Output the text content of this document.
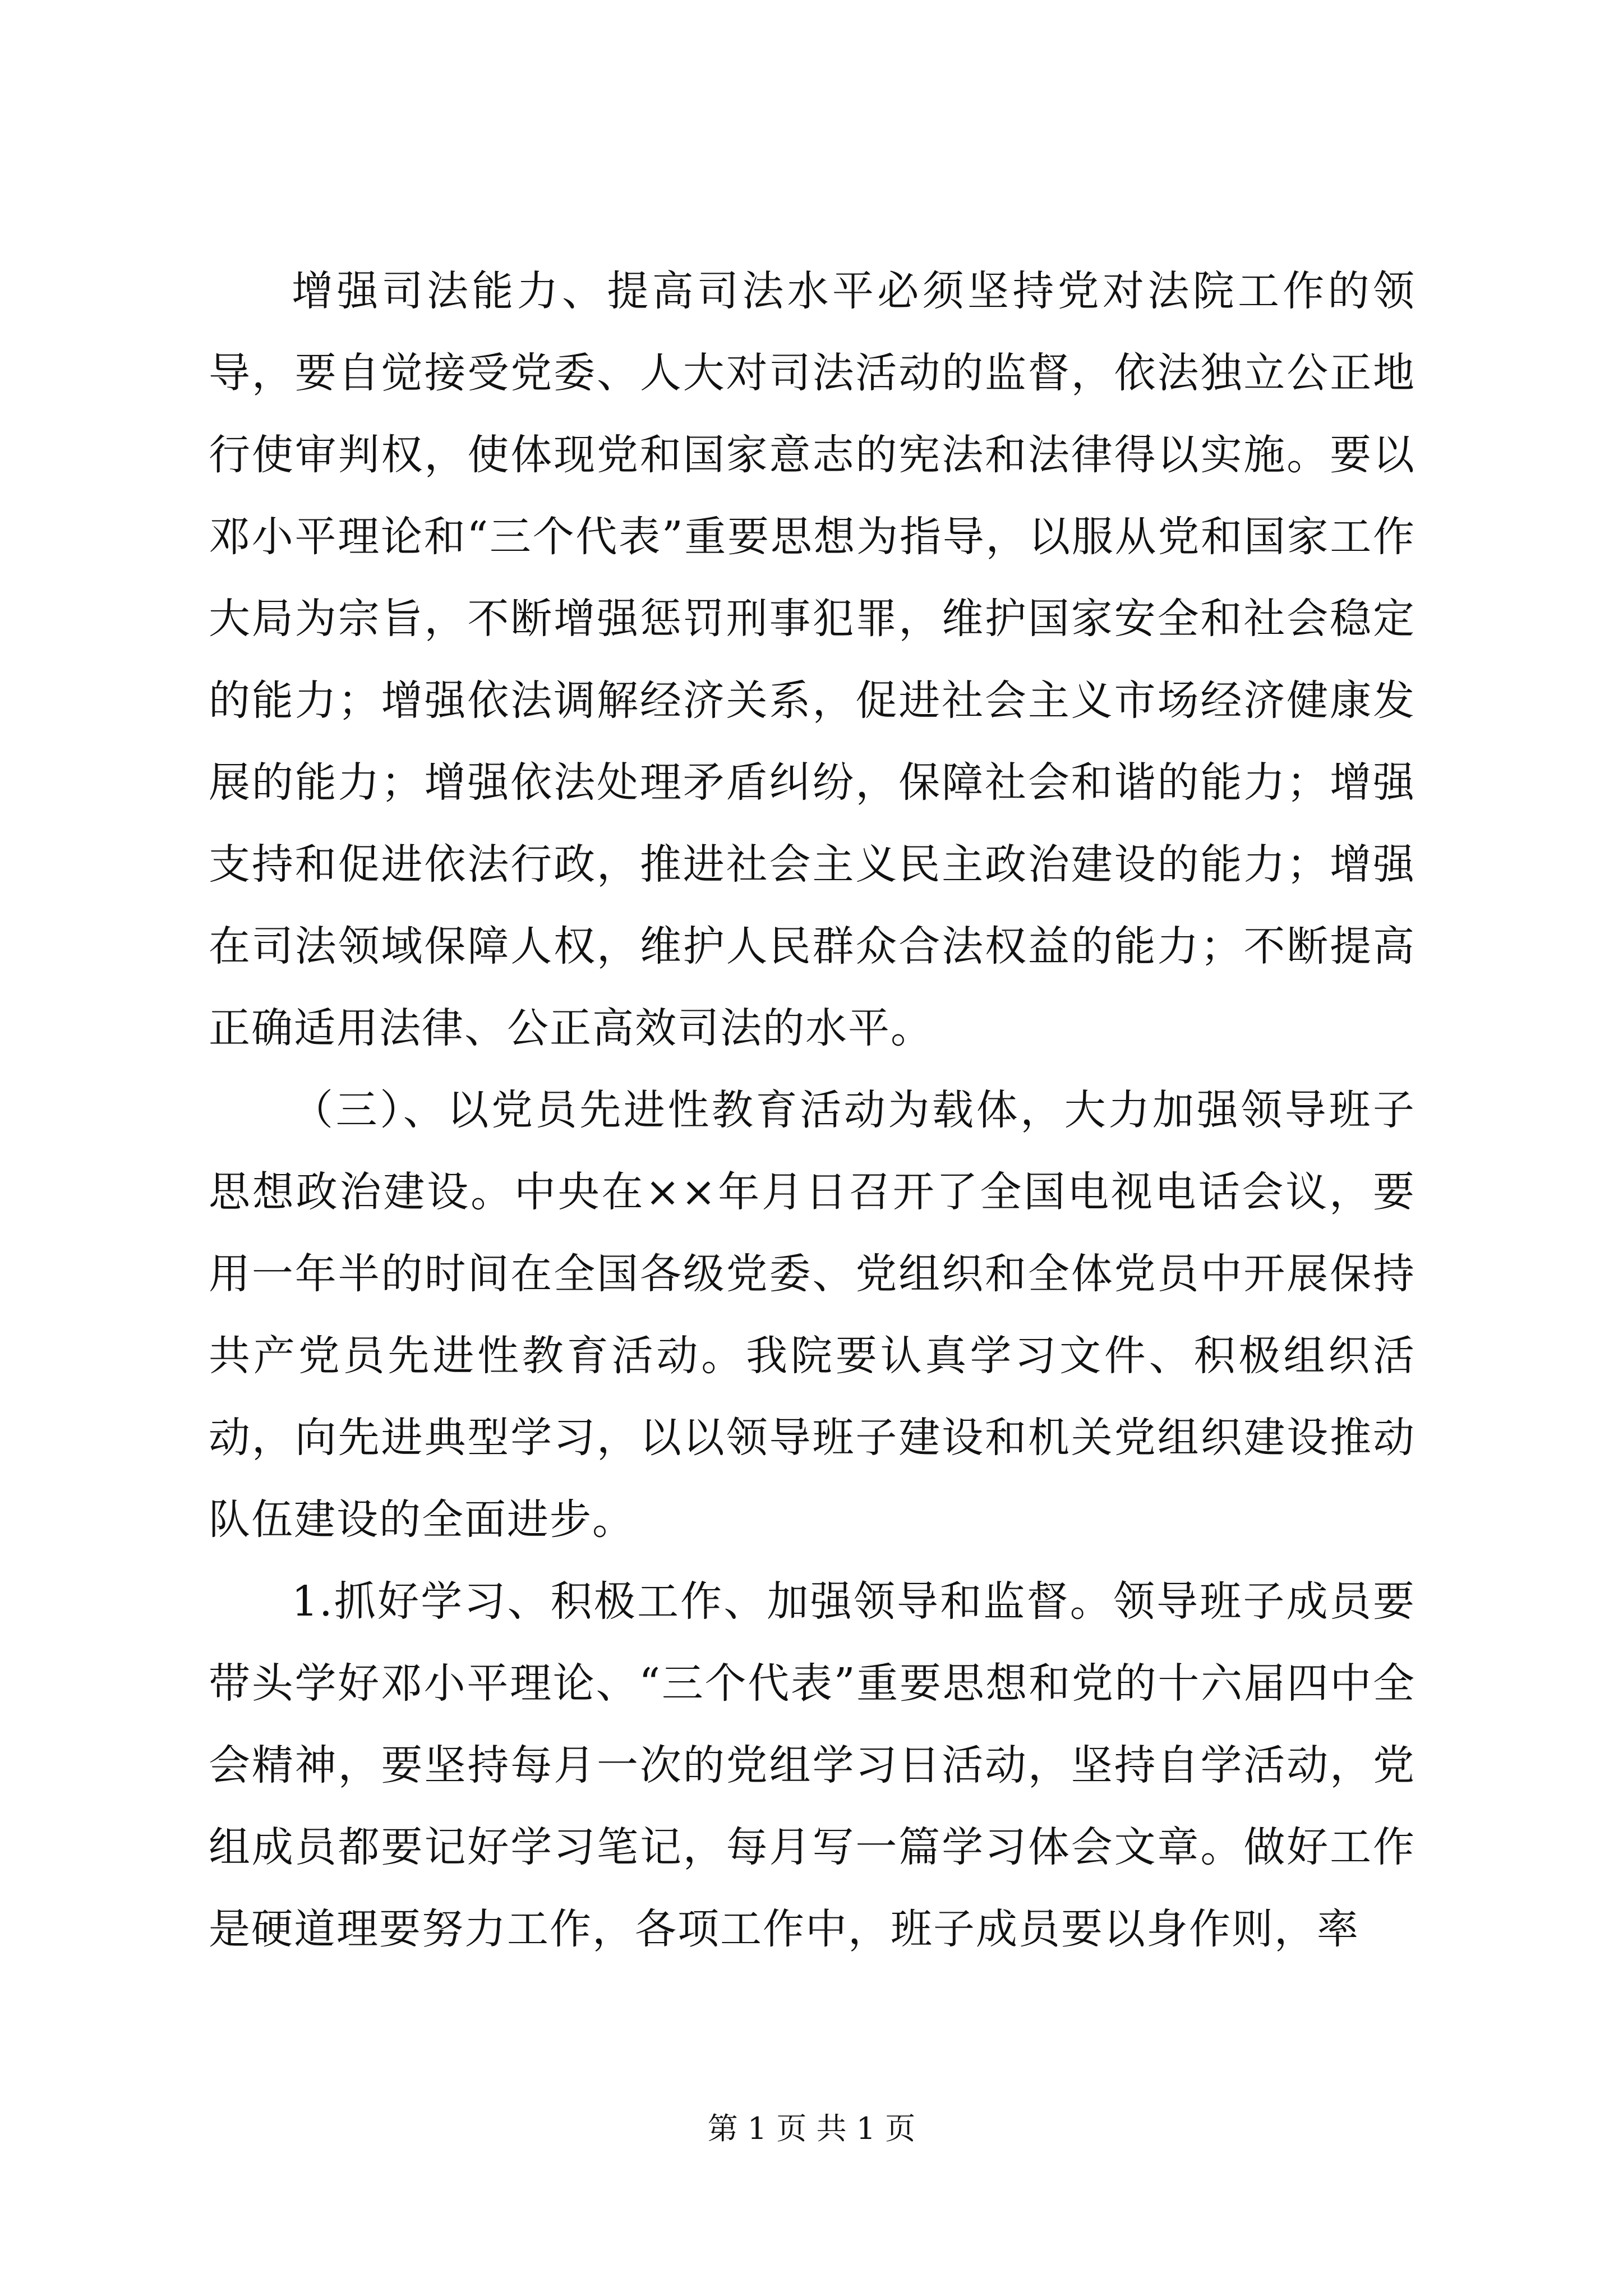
增强司法能力、提高司法水平必须坚持党对法院工作的领导，要自觉接受党委、人大对司法活动的监督，依法独立公正地行使审判权，使体现党和国家意志的宪法和法律得以实施。要以邓小平理论和“三个代表”重要思想为指导，以服从党和国家工作大局为宗旨，不断增强惩罚刑事犯罪，维护国家安全和社会稳定的能力；增强依法调解经济关系，促进社会主义市场经济健康发展的能力；增强依法处理矛盾纠纷，保障社会和谐的能力；增强支持和促进依法行政，推进社会主义民主政治建设的能力；增强在司法领域保障人权，维护人民群众合法权益的能力；不断提高正确适用法律、公正高效司法的水平。

（三）、以党员先进性教育活动为载体，大力加强领导班子思想政治建设。中央在××年月日召开了全国电视电话会议，要用一年半的时间在全国各级党委、党组织和全体党员中开展保持共产党员先进性教育活动。我院要认真学习文件、积极组织活动，向先进典型学习，以以领导班子建设和机关党组织建设推动队伍建设的全面进步。

1.抓好学习、积极工作、加强领导和监督。领导班子成员要带头学好邓小平理论、“三个代表”重要思想和党的十六届四中全会精神，要坚持每月一次的党组学习日活动，坚持自学活动，党组成员都要记好学习笔记，每月写一篇学习体会文章。做好工作是硬道理要努力工作，各项工作中，班子成员要以身作则，率

第 1 页 共 1 页
